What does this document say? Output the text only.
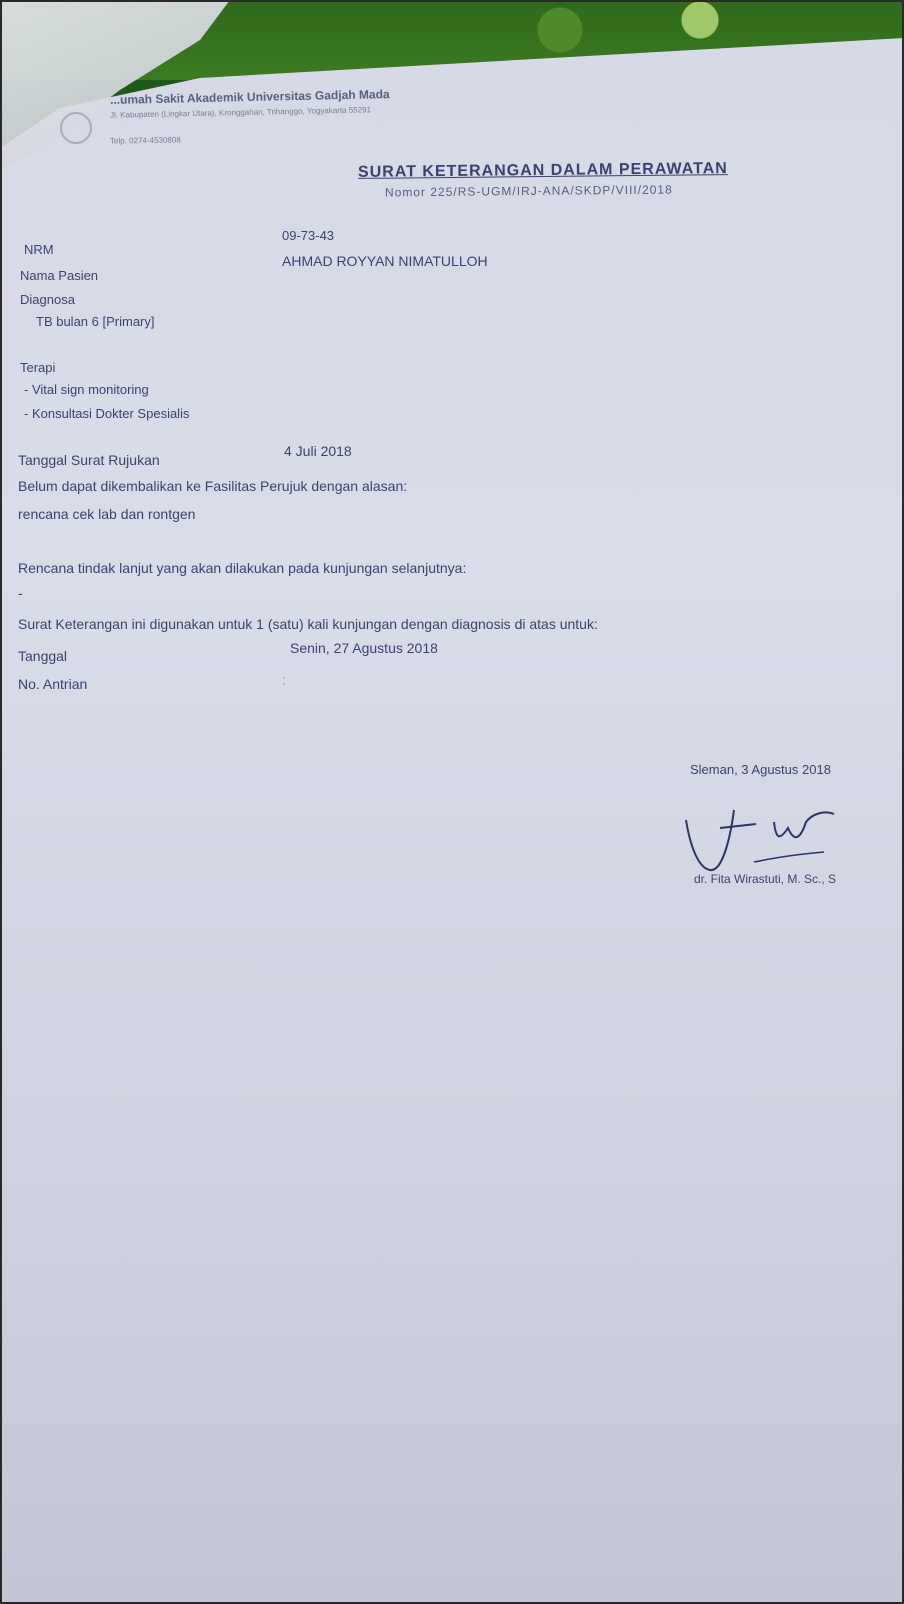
...umah Sakit Akademik Universitas Gadjah Mada
Jl. Kabupaten (Lingkar Utara), Kronggahan, Trihanggo, Yogyakarta 55291
Telp. 0274-4530808
SURAT KETERANGAN DALAM PERAWATAN
Nomor 225/RS-UGM/IRJ-ANA/SKDP/VIII/2018
NRM
09-73-43
Nama Pasien
AHMAD ROYYAN NIMATULLOH
Diagnosa
TB bulan 6 [Primary]
Terapi
- Vital sign monitoring
- Konsultasi Dokter Spesialis
Tanggal Surat Rujukan
4 Juli 2018
Belum dapat dikembalikan ke Fasilitas Perujuk dengan alasan:
rencana cek lab dan rontgen
Rencana tindak lanjut yang akan dilakukan pada kunjungan selanjutnya:
-
Surat Keterangan ini digunakan untuk 1 (satu) kali kunjungan dengan diagnosis di atas untuk:
Tanggal	Senin, 27 Agustus 2018
No. Antrian	:
Sleman, 3 Agustus 2018
dr. Fita Wirastuti, M. Sc., S
